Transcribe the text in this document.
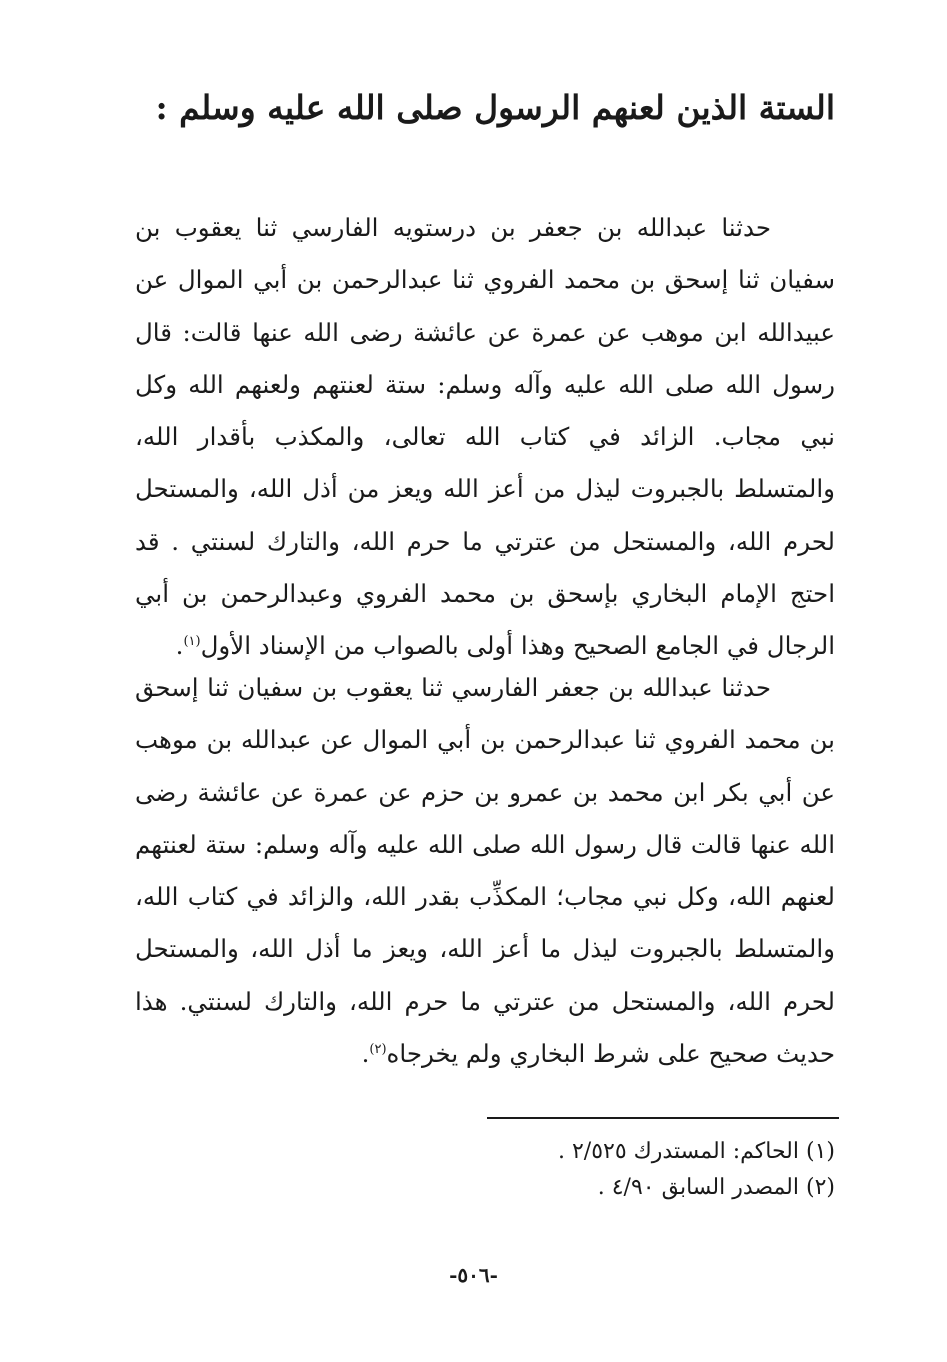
الستة الذين لعنهم الرسول صلى الله عليه وسلم :
حدثنا عبدالله بن جعفر بن درستويه الفارسي ثنا يعقوب بن سفيان ثنا إسحق بن محمد الفروي ثنا عبدالرحمن بن أبي الموال عن عبيدالله ابن موهب عن عمرة عن عائشة رضى الله عنها قالت: قال رسول الله صلى الله عليه وآله وسلم: ستة لعنتهم ولعنهم الله وكل نبي مجاب. الزائد في كتاب الله تعالى، والمكذب بأقدار الله، والمتسلط بالجبروت ليذل من أعز الله ويعز من أذل الله، والمستحل لحرم الله، والمستحل من عترتي ما حرم الله، والتارك لسنتي . قد احتج الإمام البخاري بإسحق بن محمد الفروي وعبدالرحمن بن أبي الرجال في الجامع الصحيح وهذا أولى بالصواب من الإسناد الأول$^{(١)}$.
حدثنا عبدالله بن جعفر الفارسي ثنا يعقوب بن سفيان ثنا إسحق بن محمد الفروي ثنا عبدالرحمن بن أبي الموال عن عبدالله بن موهب عن أبي بكر ابن محمد بن عمرو بن حزم عن عمرة عن عائشة رضى الله عنها قالت قال رسول الله صلى الله عليه وآله وسلم: ستة لعنتهم لعنهم الله، وكل نبي مجاب؛ المكذِّب بقدر الله، والزائد في كتاب الله، والمتسلط بالجبروت ليذل ما أعز الله، ويعز ما أذل الله، والمستحل لحرم الله، والمستحل من عترتي ما حرم الله، والتارك لسنتي. هذا حديث صحيح على شرط البخاري ولم يخرجاه$^{(٢)}$.
(١) الحاكم: المستدرك ٢/٥٢٥ .
(٢) المصدر السابق ٤/٩٠ .
-٥٠٦-
